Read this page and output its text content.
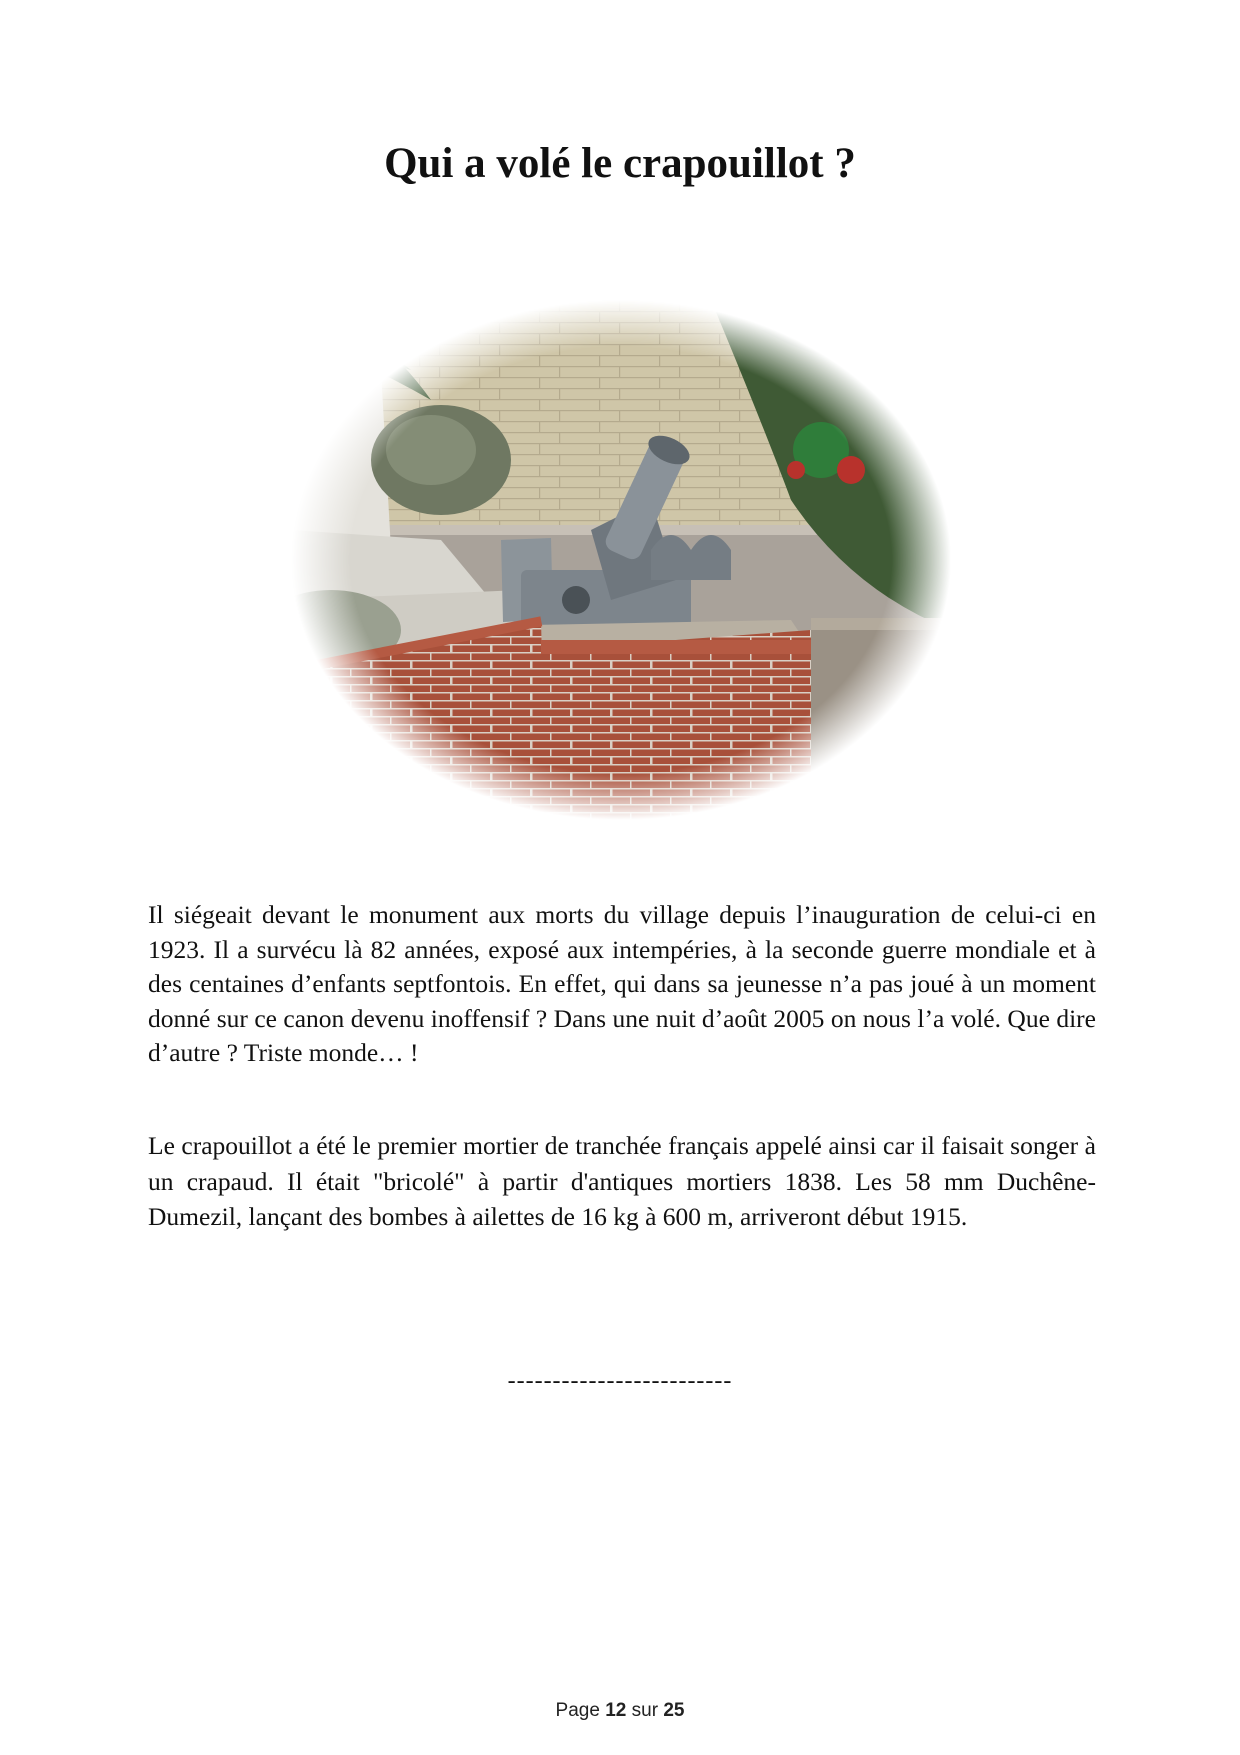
Qui a volé le crapouillot ?

Il siégeait devant le monument aux morts du village depuis l’inauguration de celui-ci en 1923. Il a survécu là 82 années, exposé aux intempéries, à la seconde guerre mondiale et à des centaines d’enfants septfontois. En effet, qui dans sa jeunesse n’a pas joué à un moment donné sur ce canon devenu inoffensif ? Dans une nuit d’août 2005 on nous l’a volé. Que dire d’autre ? Triste monde… !

Le crapouillot a été le premier mortier de tranchée français appelé ainsi car il faisait songer à un crapaud. Il était "bricolé" à partir d'antiques mortiers 1838. Les 58 mm Duchêne-Dumezil, lançant des bombes à ailettes de 16 kg à 600 m, arriveront début 1915.

-------------------------

Page 12 sur 25
